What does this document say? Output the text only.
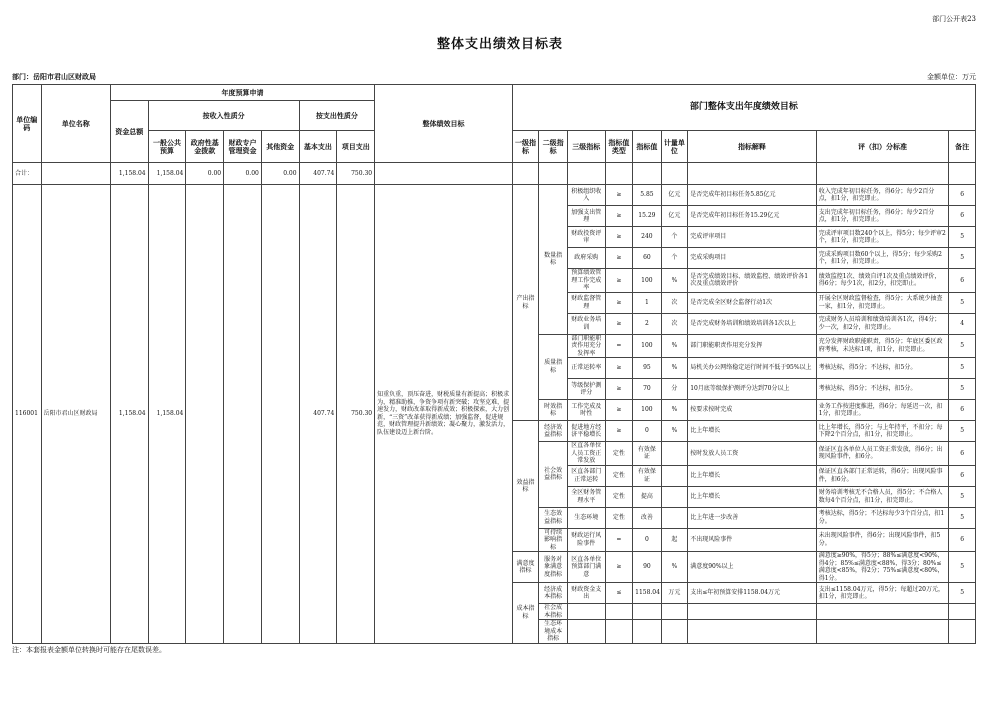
部门公开表23
整体支出绩效目标表
部门：岳阳市君山区财政局	金额单位：万元
单位编码	单位名称	年度预算申请							整体绩效目标	部门整体支出年度绩效目标								
		资金总额	按收入性质分				按支出性质分											
			一般公共预算	政府性基金拨款	财政专户管理资金	其他资金	基本支出	项目支出		一级指标	二级指标	三级指标	指标值类型	指标值	计量单位	指标解释	评（扣）分标准	备注
合计：		1,158.04	1,158.04	0.00	0.00	0.00	407.74	750.30										
116001	岳阳市君山区财政局	1,158.04	1,158.04				407.74	750.30	知重负重，顶压奋进，财税质量有新提高；积极求为，精准助推，争资争项有新突破；攻坚克难，提速发力，财政改革取得新成效；积极探索，大力创新，“三资”改革获得新成绩；加强监督，促进规范，财政管理提升新绩效；凝心聚力，激发活力，队伍建设迈上新台阶。	产出指标	数量指标	积极组织收入	≥	5.85	亿元	是否完成年初目标任务5.85亿元	收入完成年初目标任务，得6分；每少2百分点，扣1分，扣完即止。	6
												加强支出管理	≥	15.29	亿元	是否完成年初目标任务15.29亿元	支出完成年初目标任务，得6分；每少2百分点，扣1分，扣完即止。	6
												财政投资评审	≥	240	个	完成评审项目	完成评审项目数240个以上，得5分；每少评审2个，扣1分，扣完即止。	5
												政府采购	≥	60	个	完成采购项目	完成采购项目数60个以上，得5分；每少采购2个，扣1分，扣完即止。	5
												预算绩效管理工作完成率	≥	100	%	是否完成绩效目标、绩效监控、绩效评价各1次及重点绩效评价	绩效监控1次、绩效自评1次及重点绩效评价，得6分；每少1次，扣2分，扣完即止。	6
												财政监督管理	≥	1	次	是否完成全区财会监督行动1次	开展全区财政监督检查，得5分；大系统少抽查一家，扣1分，扣完即止。	5
												财政业务培训	≥	2	次	是否完成财务培训和绩效培训各1次以上	完成财务人员培训和绩效培训各1次，得4分；少一次，扣2分，扣完即止。	4
											质量指标	部门职能职责作用充分发挥率	=	100	%	部门职能职责作用充分发挥	充分发挥财政职能职责，得5分；年底区委区政府考核，未达标1项，扣1分，扣完即止。	5
												正常运转率	≥	95	%	局机关办公网络稳定运行时间不低于95%以上	考核达标，得5分；不达标，扣5分。	5
												等级保护测评分	≥	70	分	10月底等级保护测评分达到70分以上	考核达标，得5分；不达标，扣5分。	5
											时效指标	工作完成及时性	≥	100	%	按要求按时完成	业务工作按进度推进，得6分；每延迟一次，扣1分，扣完即止。	6
										效益指标	经济效益指标	促进地方经济平稳增长	≥	0	%	比上年增长	比上年增长，得5分；与上年持平，不扣分；每下降2个百分点，扣1分，扣完即止。	5
											社会效益指标	区直各单位人员工资正常发放	定性	有效保证		按时发放人员工资	保证区直各单位人员工资正常发放，得6分；出现风险事件，扣6分。	6
												区直各部门正常运转	定性	有效保证		比上年增长	保证区直各部门正常运转，得6分；出现风险事件，扣6分。	6
												全区财务管理水平	定性	提高		比上年增长	财务培训考核无不合格人员，得5分；不合格人数每4个百分点，扣1分，扣完即止。	5
											生态效益指标	生态环境	定性	改善		比上年进一步改善	考核达标，得5分；不达标每少3个百分点，扣1分。	5
											可持续影响指标	财政运行风险事件	=	0	起	不出现风险事件	未出现风险事件，得6分；出现风险事件，扣5分。	6
										满意度指标	服务对象满意度指标	区直各单位预算部门满意	≥	90	%	满意度90%以上	满意度≥90%，得5分；88%≤满意度<90%，得4分；85%≤满意度<88%，得3分；80%≤满意度<85%，得2分；75%≤满意度<80%，得1分。	5
										成本指标	经济成本指标	财政资金支出	≤	1158.04	万元	支出≤年初预算安排1158.04万元	支出≤1158.04万元，得5分；每超过20万元，扣1分，扣完即止。	5
											社会成本指标							
											生态环境成本指标							
注：本套报表金额单位转换时可能存在尾数误差。
